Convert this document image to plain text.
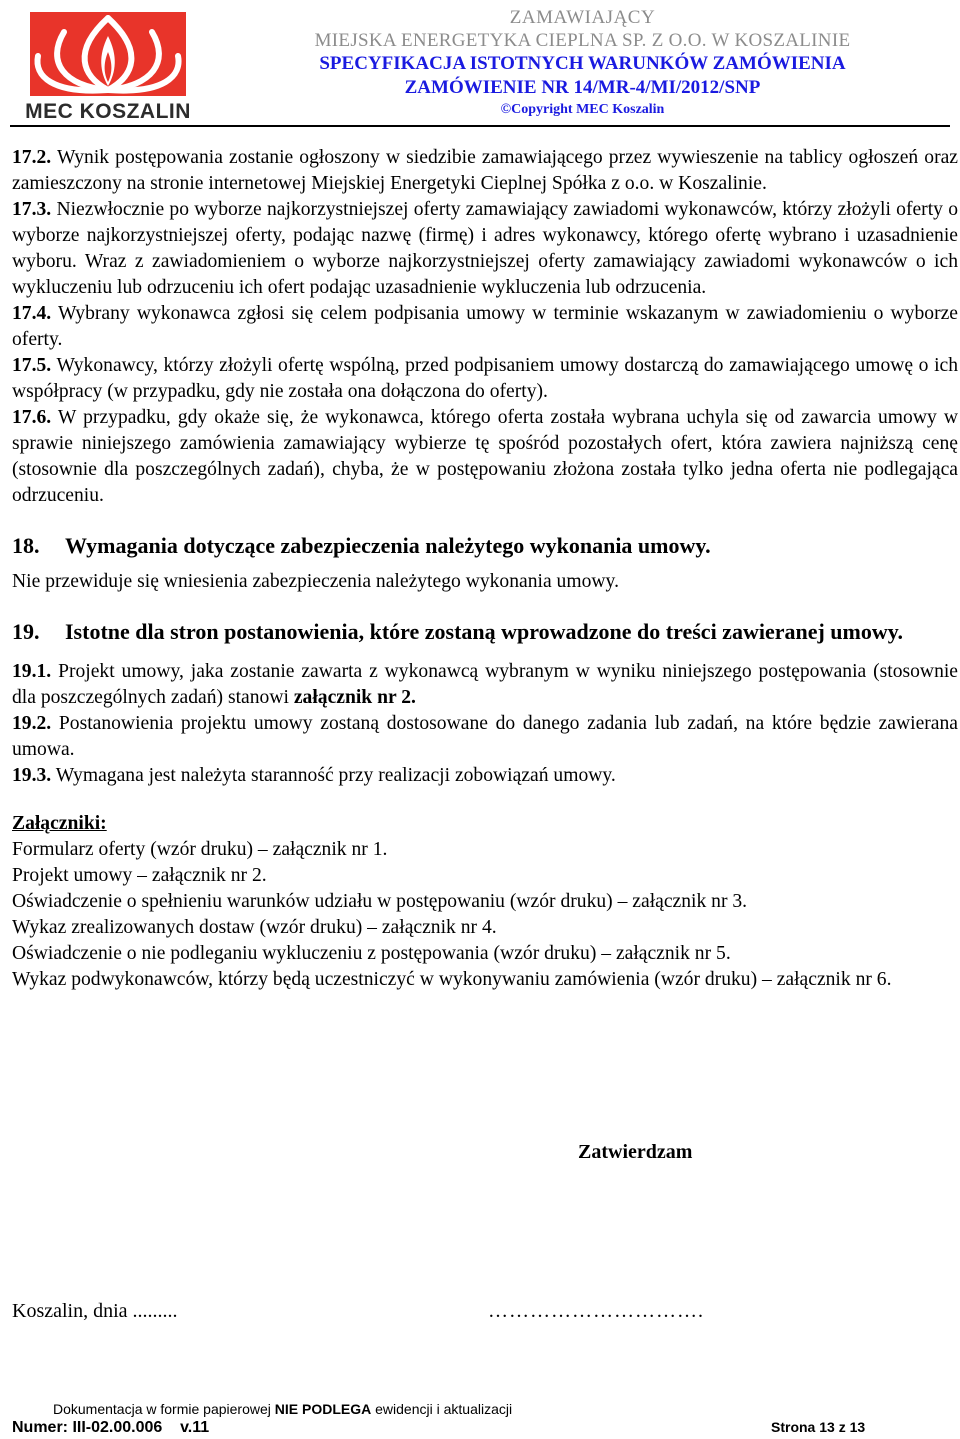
MEC KOSZALIN
ZAMAWIAJĄCY
MIEJSKA ENERGETYKA CIEPLNA SP. Z O.O. W KOSZALINIE
SPECYFIKACJA ISTOTNYCH WARUNKÓW ZAMÓWIENIA
ZAMÓWIENIE NR 14/MR-4/MI/2012/SNP
©Copyright MEC Koszalin

17.2. Wynik postępowania zostanie ogłoszony w siedzibie zamawiającego przez wywieszenie na tablicy ogłoszeń oraz zamieszczony na stronie internetowej Miejskiej Energetyki Cieplnej Spółka z o.o. w Koszalinie.

17.3. Niezwłocznie po wyborze najkorzystniejszej oferty zamawiający zawiadomi wykonawców, którzy złożyli oferty o wyborze najkorzystniejszej oferty, podając nazwę (firmę) i adres wykonawcy, którego ofertę wybrano i uzasadnienie wyboru. Wraz z zawiadomieniem o wyborze najkorzystniejszej oferty zamawiający zawiadomi wykonawców o ich wykluczeniu lub odrzuceniu ich ofert podając uzasadnienie wykluczenia lub odrzucenia.

17.4. Wybrany wykonawca zgłosi się celem podpisania umowy w terminie wskazanym w zawiadomieniu o wyborze oferty.

17.5. Wykonawcy, którzy złożyli ofertę wspólną, przed podpisaniem umowy dostarczą do zamawiającego umowę o ich współpracy (w przypadku, gdy nie została ona dołączona do oferty).

17.6. W przypadku, gdy okaże się, że wykonawca, którego oferta została wybrana uchyla się od zawarcia umowy w sprawie niniejszego zamówienia zamawiający wybierze tę spośród pozostałych ofert, która zawiera najniższą cenę (stosownie dla poszczególnych zadań), chyba, że w postępowaniu złożona została tylko jedna oferta nie podlegająca odrzuceniu.

18.	Wymagania dotyczące zabezpieczenia należytego wykonania umowy.

Nie przewiduje się wniesienia zabezpieczenia należytego wykonania umowy.

19.	Istotne dla stron postanowienia, które zostaną wprowadzone do treści zawieranej umowy.

19.1. Projekt umowy, jaka zostanie zawarta z wykonawcą wybranym w wyniku niniejszego postępowania (stosownie dla poszczególnych zadań) stanowi załącznik nr 2.

19.2. Postanowienia projektu umowy zostaną dostosowane do danego zadania lub zadań, na które będzie zawierana umowa.

19.3. Wymagana jest należyta staranność przy realizacji zobowiązań umowy.

Załączniki:

Formularz oferty (wzór druku) – załącznik nr 1.

Projekt umowy – załącznik nr 2.

Oświadczenie o spełnieniu warunków udziału w postępowaniu (wzór druku) – załącznik nr 3.

Wykaz zrealizowanych dostaw (wzór druku) – załącznik nr 4.

Oświadczenie o nie podleganiu wykluczeniu z postępowania (wzór druku) – załącznik nr 5.

Wykaz podwykonawców, którzy będą uczestniczyć w wykonywaniu zamówienia (wzór druku) – załącznik nr 6.

Zatwierdzam
Koszalin, dnia .........	………………………….
Dokumentacja w formie papierowej NIE PODLEGA ewidencji i aktualizacji
Numer: III-02.00.006    v.11	Strona 13 z 13
